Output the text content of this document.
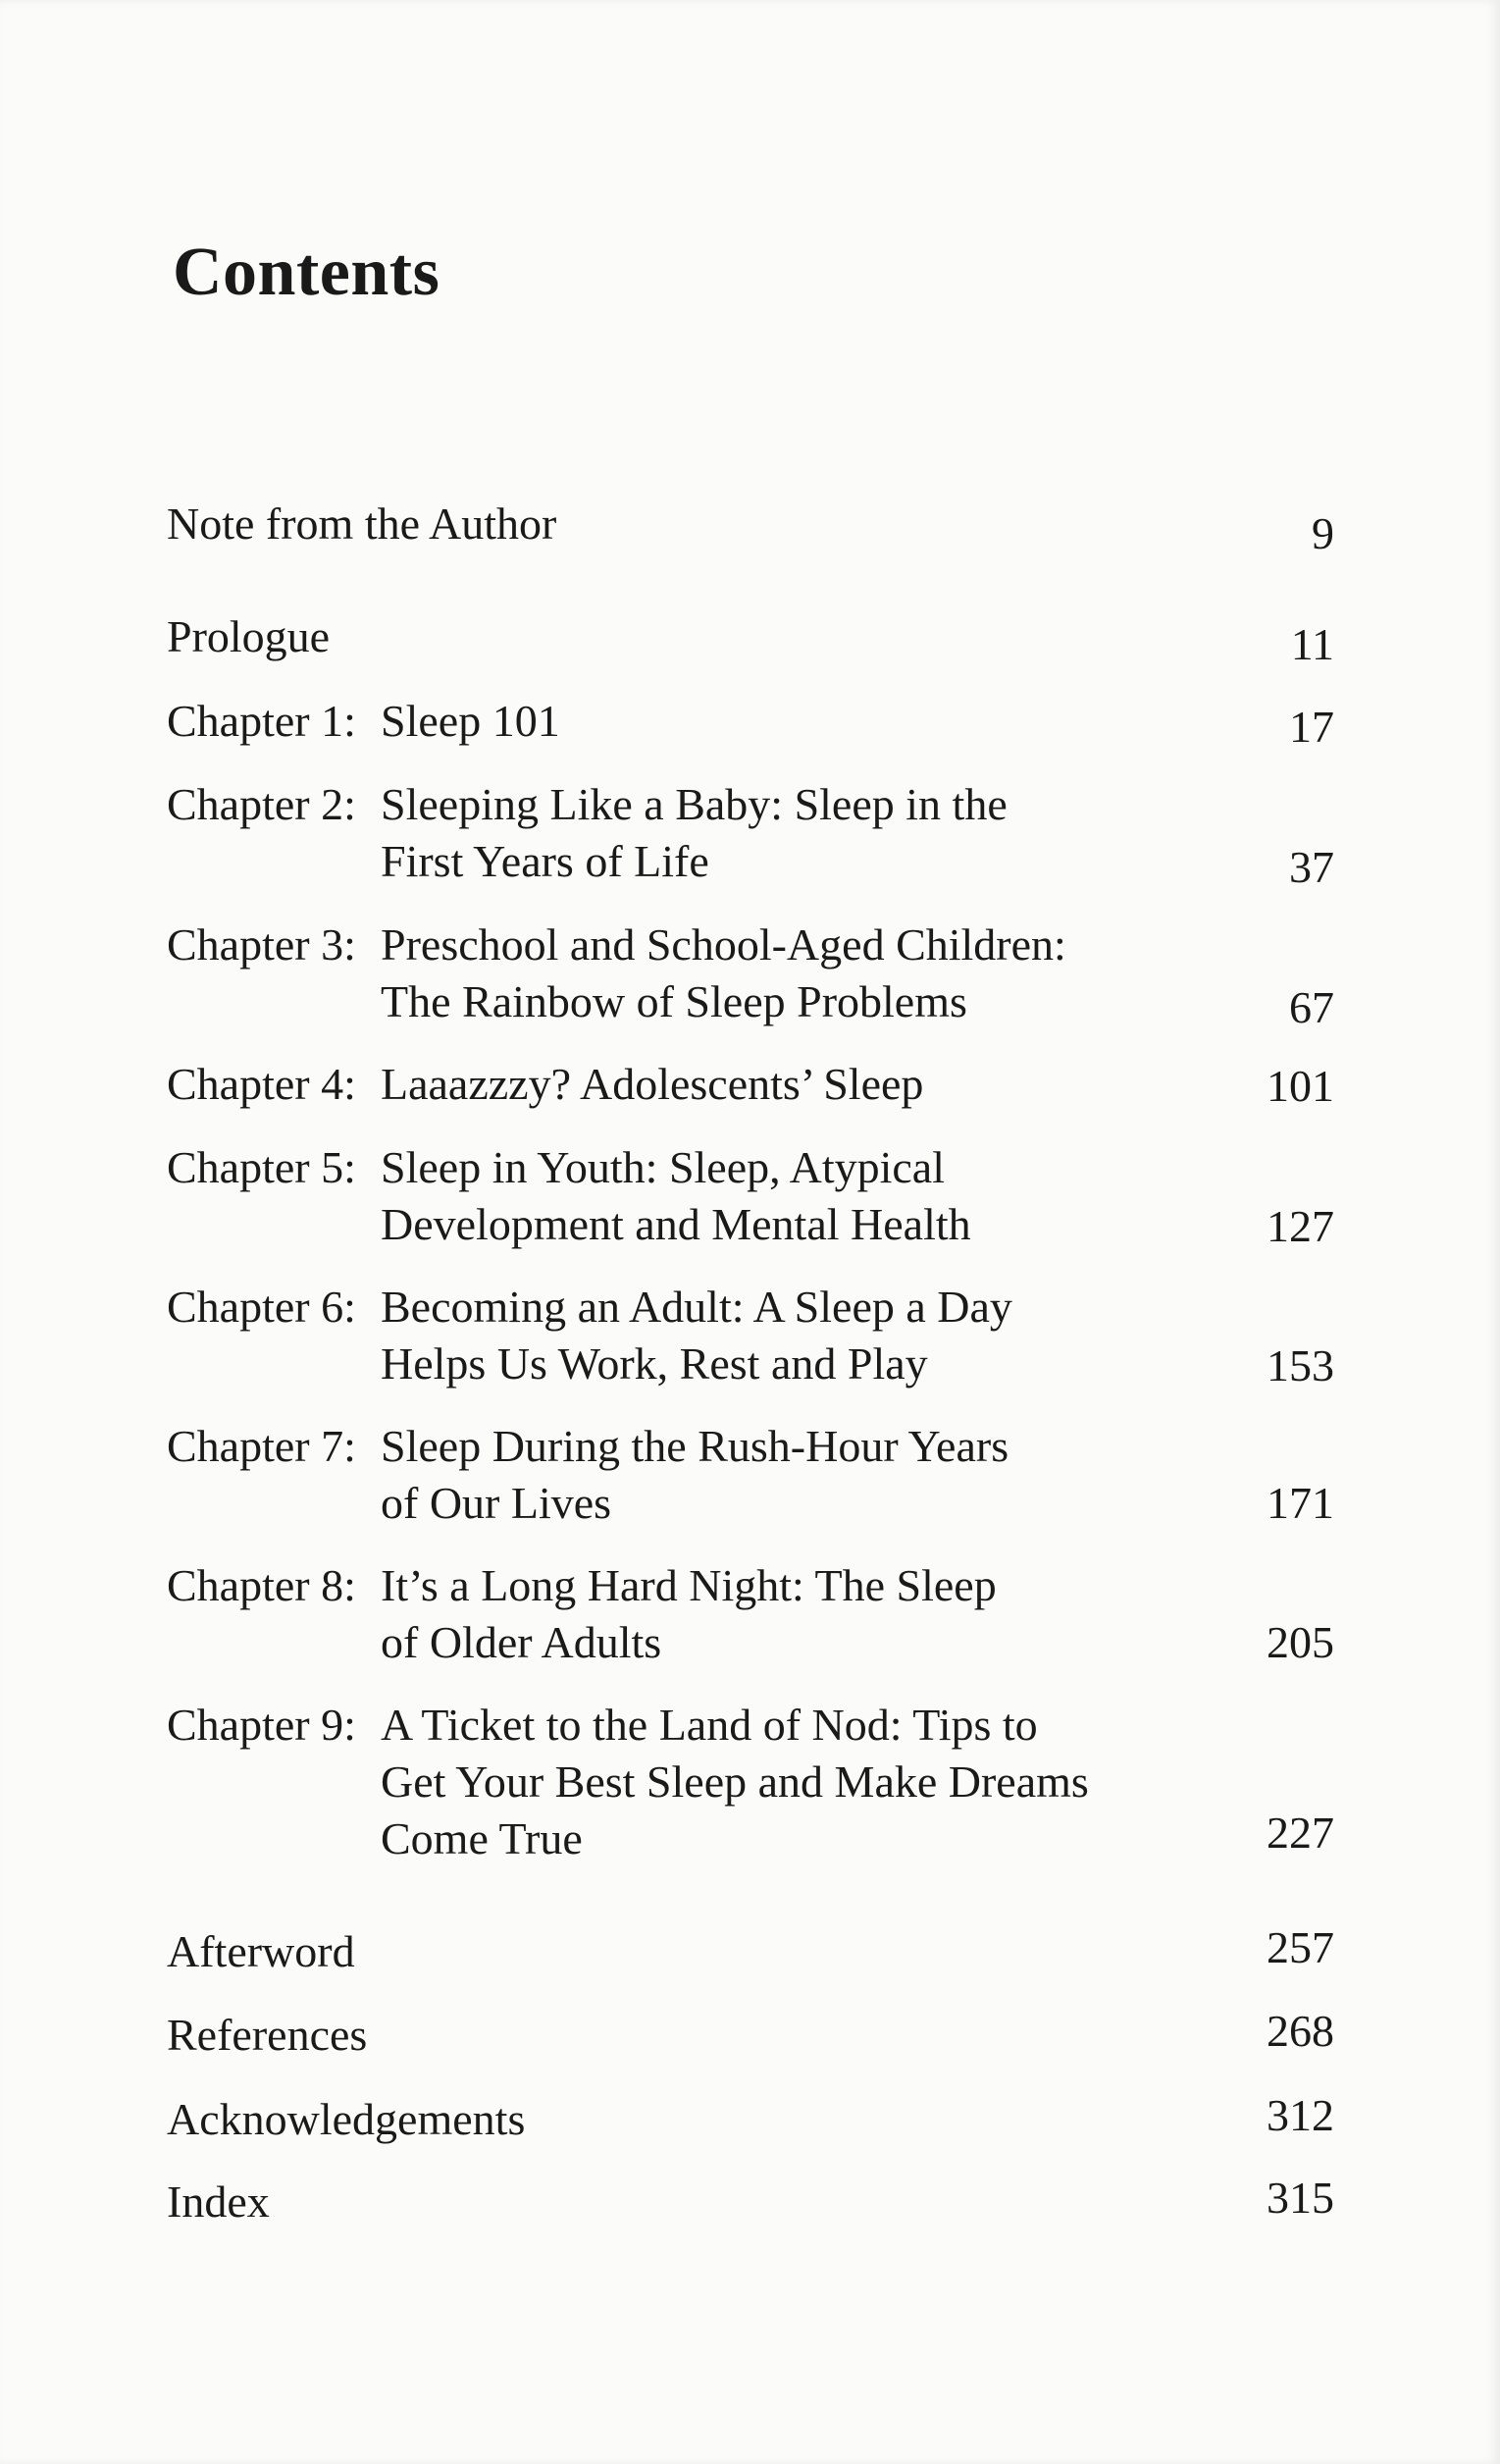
Contents
Note from the Author	9
Prologue	11
Chapter 1: Sleep 101	17
Chapter 2: Sleeping Like a Baby: Sleep in the
First Years of Life	37
Chapter 3: Preschool and School-Aged Children:
The Rainbow of Sleep Problems	67
Chapter 4: Laaazzzy? Adolescents’ Sleep	101
Chapter 5: Sleep in Youth: Sleep, Atypical
Development and Mental Health	127
Chapter 6: Becoming an Adult: A Sleep a Day
Helps Us Work, Rest and Play	153
Chapter 7: Sleep During the Rush-Hour Years
of Our Lives	171
Chapter 8: It’s a Long Hard Night: The Sleep
of Older Adults	205
Chapter 9: A Ticket to the Land of Nod: Tips to
Get Your Best Sleep and Make Dreams
Come True	227
Afterword	257
References	268
Acknowledgements	312
Index	315
